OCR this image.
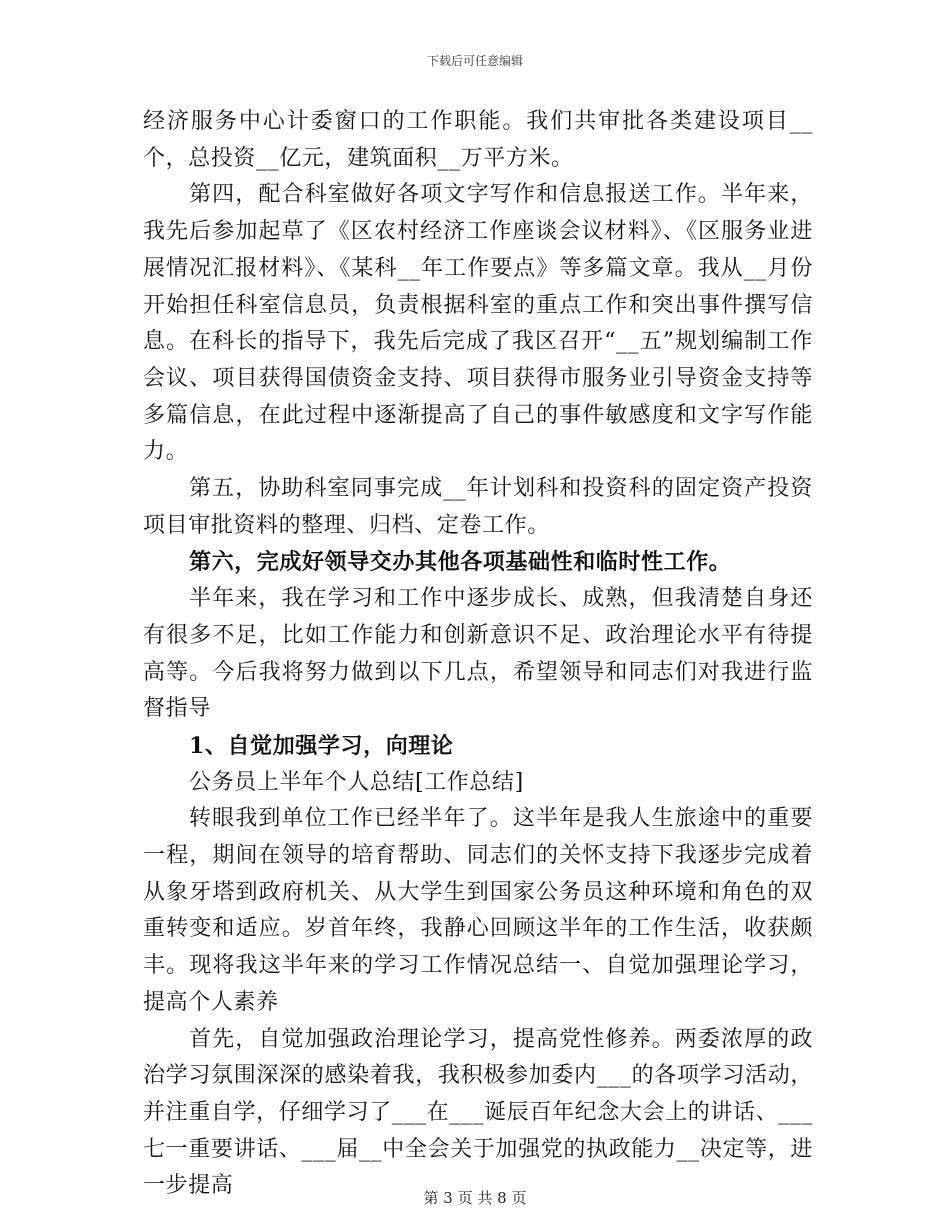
下载后可任意编辑

经济服务中心计委窗口的工作职能。我们共审批各类建设项目__个，总投资__亿元，建筑面积__万平方米。

第四，配合科室做好各项文字写作和信息报送工作。半年来，我先后参加起草了《区农村经济工作座谈会议材料》、《区服务业进展情况汇报材料》、《某科__年工作要点》等多篇文章。我从__月份开始担任科室信息员，负责根据科室的重点工作和突出事件撰写信息。在科长的指导下，我先后完成了我区召开“__五”规划编制工作会议、项目获得国债资金支持、项目获得市服务业引导资金支持等多篇信息，在此过程中逐渐提高了自己的事件敏感度和文字写作能力。

第五，协助科室同事完成__年计划科和投资科的固定资产投资项目审批资料的整理、归档、定卷工作。

第六，完成好领导交办其他各项基础性和临时性工作。

半年来，我在学习和工作中逐步成长、成熟，但我清楚自身还有很多不足，比如工作能力和创新意识不足、政治理论水平有待提高等。今后我将努力做到以下几点，希望领导和同志们对我进行监督指导

1、自觉加强学习，向理论

公务员上半年个人总结[工作总结]

转眼我到单位工作已经半年了。这半年是我人生旅途中的重要一程，期间在领导的培育帮助、同志们的关怀支持下我逐步完成着从象牙塔到政府机关、从大学生到国家公务员这种环境和角色的双重转变和适应。岁首年终，我静心回顾这半年的工作生活，收获颇丰。现将我这半年来的学习工作情况总结一、自觉加强理论学习，提高个人素养

首先，自觉加强政治理论学习，提高党性修养。两委浓厚的政治学习氛围深深的感染着我，我积极参加委内___的各项学习活动，并注重自学，仔细学习了___在___诞辰百年纪念大会上的讲话、___七一重要讲话、___届__中全会关于加强党的执政能力__决定等，进一步提高	第 3 页 共 8 页
